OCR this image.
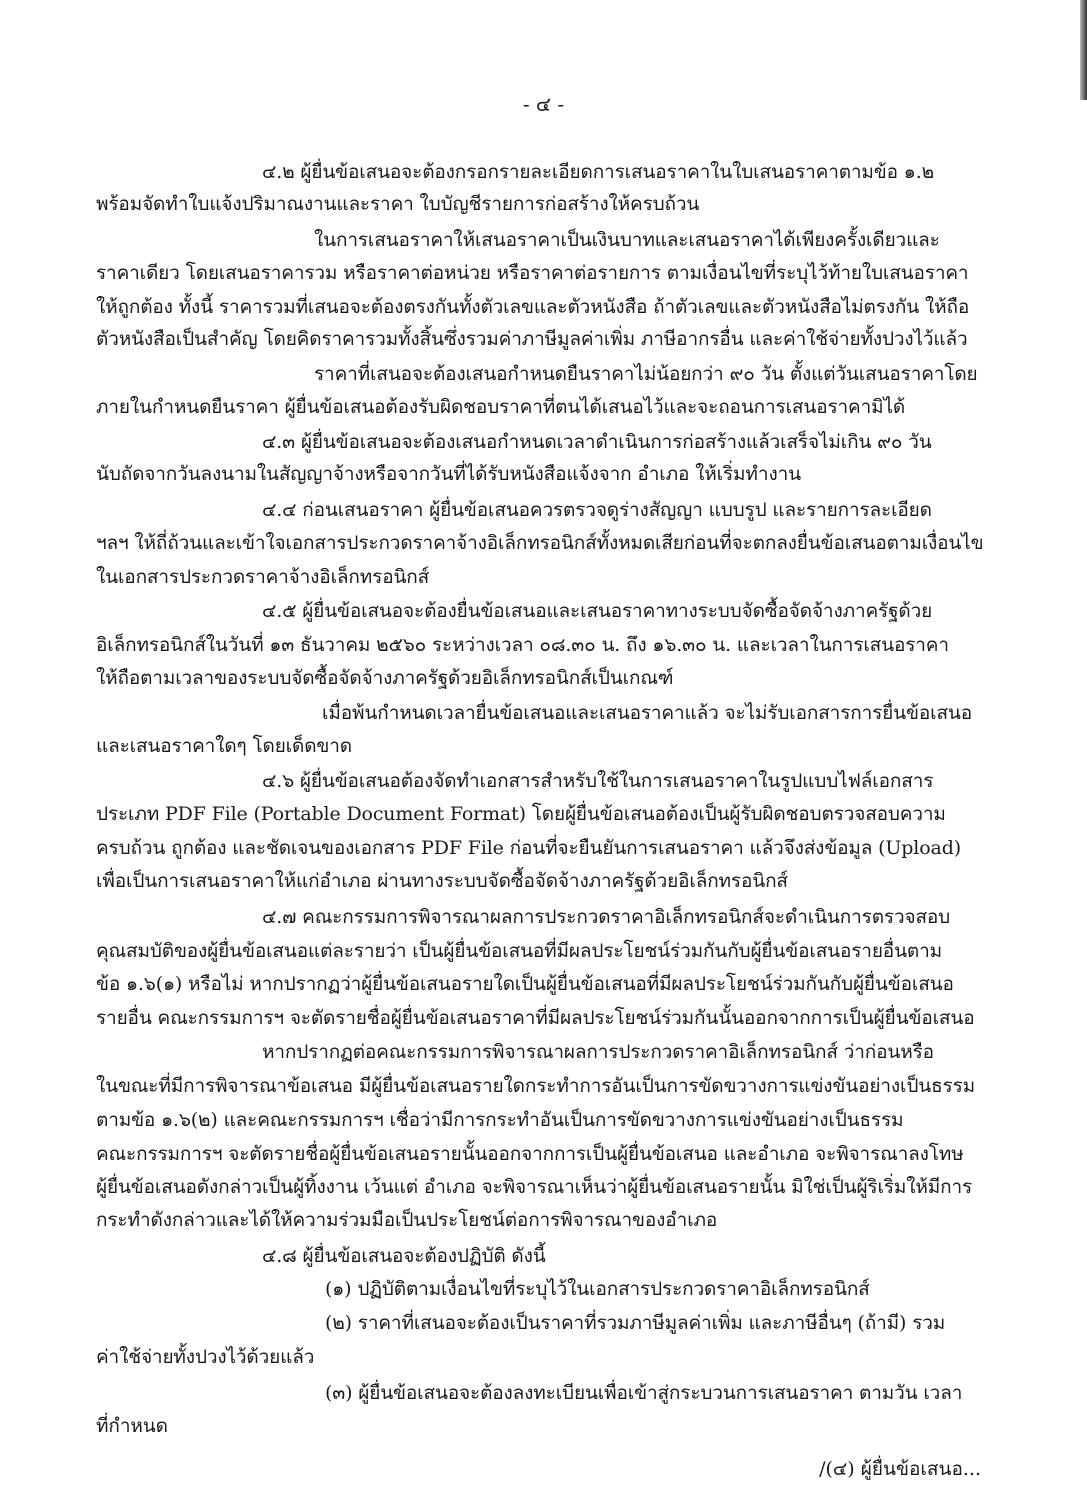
- ๔ -

๔.๒ ผู้ยื่นข้อเสนอจะต้องกรอกรายละเอียดการเสนอราคาในใบเสนอราคาตามข้อ ๑.๒

พร้อมจัดทำใบแจ้งปริมาณงานและราคา ใบบัญชีรายการก่อสร้างให้ครบถ้วน

ในการเสนอราคาให้เสนอราคาเป็นเงินบาทและเสนอราคาได้เพียงครั้งเดียวและ

ราคาเดียว โดยเสนอราคารวม หรือราคาต่อหน่วย หรือราคาต่อรายการ ตามเงื่อนไขที่ระบุไว้ท้ายใบเสนอราคา

ให้ถูกต้อง ทั้งนี้ ราคารวมที่เสนอจะต้องตรงกันทั้งตัวเลขและตัวหนังสือ ถ้าตัวเลขและตัวหนังสือไม่ตรงกัน ให้ถือ

ตัวหนังสือเป็นสำคัญ โดยคิดราคารวมทั้งสิ้นซึ่งรวมค่าภาษีมูลค่าเพิ่ม ภาษีอากรอื่น และค่าใช้จ่ายทั้งปวงไว้แล้ว

ราคาที่เสนอจะต้องเสนอกำหนดยืนราคาไม่น้อยกว่า ๙๐ วัน ตั้งแต่วันเสนอราคาโดย

ภายในกำหนดยืนราคา ผู้ยื่นข้อเสนอต้องรับผิดชอบราคาที่ตนได้เสนอไว้และจะถอนการเสนอราคามิได้

๔.๓ ผู้ยื่นข้อเสนอจะต้องเสนอกำหนดเวลาดำเนินการก่อสร้างแล้วเสร็จไม่เกิน ๙๐ วัน

นับถัดจากวันลงนามในสัญญาจ้างหรือจากวันที่ได้รับหนังสือแจ้งจาก อำเภอ ให้เริ่มทำงาน

๔.๔ ก่อนเสนอราคา ผู้ยื่นข้อเสนอควรตรวจดูร่างสัญญา แบบรูป และรายการละเอียด

ฯลฯ ให้ถี่ถ้วนและเข้าใจเอกสารประกวดราคาจ้างอิเล็กทรอนิกส์ทั้งหมดเสียก่อนที่จะตกลงยื่นข้อเสนอตามเงื่อนไข

ในเอกสารประกวดราคาจ้างอิเล็กทรอนิกส์

๔.๕ ผู้ยื่นข้อเสนอจะต้องยื่นข้อเสนอและเสนอราคาทางระบบจัดซื้อจัดจ้างภาครัฐด้วย

อิเล็กทรอนิกส์ในวันที่ ๑๓ ธันวาคม ๒๕๖๐ ระหว่างเวลา ๐๘.๓๐ น. ถึง ๑๖.๓๐ น. และเวลาในการเสนอราคา

ให้ถือตามเวลาของระบบจัดซื้อจัดจ้างภาครัฐด้วยอิเล็กทรอนิกส์เป็นเกณฑ์

เมื่อพ้นกำหนดเวลายื่นข้อเสนอและเสนอราคาแล้ว จะไม่รับเอกสารการยื่นข้อเสนอ

และเสนอราคาใดๆ โดยเด็ดขาด

๔.๖ ผู้ยื่นข้อเสนอต้องจัดทำเอกสารสำหรับใช้ในการเสนอราคาในรูปแบบไฟล์เอกสาร

ประเภท PDF File (Portable Document Format) โดยผู้ยื่นข้อเสนอต้องเป็นผู้รับผิดชอบตรวจสอบความ

ครบถ้วน ถูกต้อง และชัดเจนของเอกสาร PDF File ก่อนที่จะยืนยันการเสนอราคา แล้วจึงส่งข้อมูล (Upload)

เพื่อเป็นการเสนอราคาให้แก่อำเภอ ผ่านทางระบบจัดซื้อจัดจ้างภาครัฐด้วยอิเล็กทรอนิกส์

๔.๗ คณะกรรมการพิจารณาผลการประกวดราคาอิเล็กทรอนิกส์จะดำเนินการตรวจสอบ

คุณสมบัติของผู้ยื่นข้อเสนอแต่ละรายว่า เป็นผู้ยื่นข้อเสนอที่มีผลประโยชน์ร่วมกันกับผู้ยื่นข้อเสนอรายอื่นตาม

ข้อ ๑.๖(๑) หรือไม่ หากปรากฏว่าผู้ยื่นข้อเสนอรายใดเป็นผู้ยื่นข้อเสนอที่มีผลประโยชน์ร่วมกันกับผู้ยื่นข้อเสนอ

รายอื่น คณะกรรมการฯ จะตัดรายชื่อผู้ยื่นข้อเสนอราคาที่มีผลประโยชน์ร่วมกันนั้นออกจากการเป็นผู้ยื่นข้อเสนอ

หากปรากฏต่อคณะกรรมการพิจารณาผลการประกวดราคาอิเล็กทรอนิกส์ ว่าก่อนหรือ

ในขณะที่มีการพิจารณาข้อเสนอ มีผู้ยื่นข้อเสนอรายใดกระทำการอันเป็นการขัดขวางการแข่งขันอย่างเป็นธรรม

ตามข้อ ๑.๖(๒) และคณะกรรมการฯ เชื่อว่ามีการกระทำอันเป็นการขัดขวางการแข่งขันอย่างเป็นธรรม

คณะกรรมการฯ จะตัดรายชื่อผู้ยื่นข้อเสนอรายนั้นออกจากการเป็นผู้ยื่นข้อเสนอ และอำเภอ จะพิจารณาลงโทษ

ผู้ยื่นข้อเสนอดังกล่าวเป็นผู้ทิ้งงาน เว้นแต่ อำเภอ จะพิจารณาเห็นว่าผู้ยื่นข้อเสนอรายนั้น มิใช่เป็นผู้ริเริ่มให้มีการ

กระทำดังกล่าวและได้ให้ความร่วมมือเป็นประโยชน์ต่อการพิจารณาของอำเภอ

๔.๘ ผู้ยื่นข้อเสนอจะต้องปฏิบัติ ดังนี้

(๑) ปฏิบัติตามเงื่อนไขที่ระบุไว้ในเอกสารประกวดราคาอิเล็กทรอนิกส์

(๒) ราคาที่เสนอจะต้องเป็นราคาที่รวมภาษีมูลค่าเพิ่ม และภาษีอื่นๆ (ถ้ามี) รวม

ค่าใช้จ่ายทั้งปวงไว้ด้วยแล้ว

(๓) ผู้ยื่นข้อเสนอจะต้องลงทะเบียนเพื่อเข้าสู่กระบวนการเสนอราคา ตามวัน เวลา

ที่กำหนด

/(๔) ผู้ยื่นข้อเสนอ...
